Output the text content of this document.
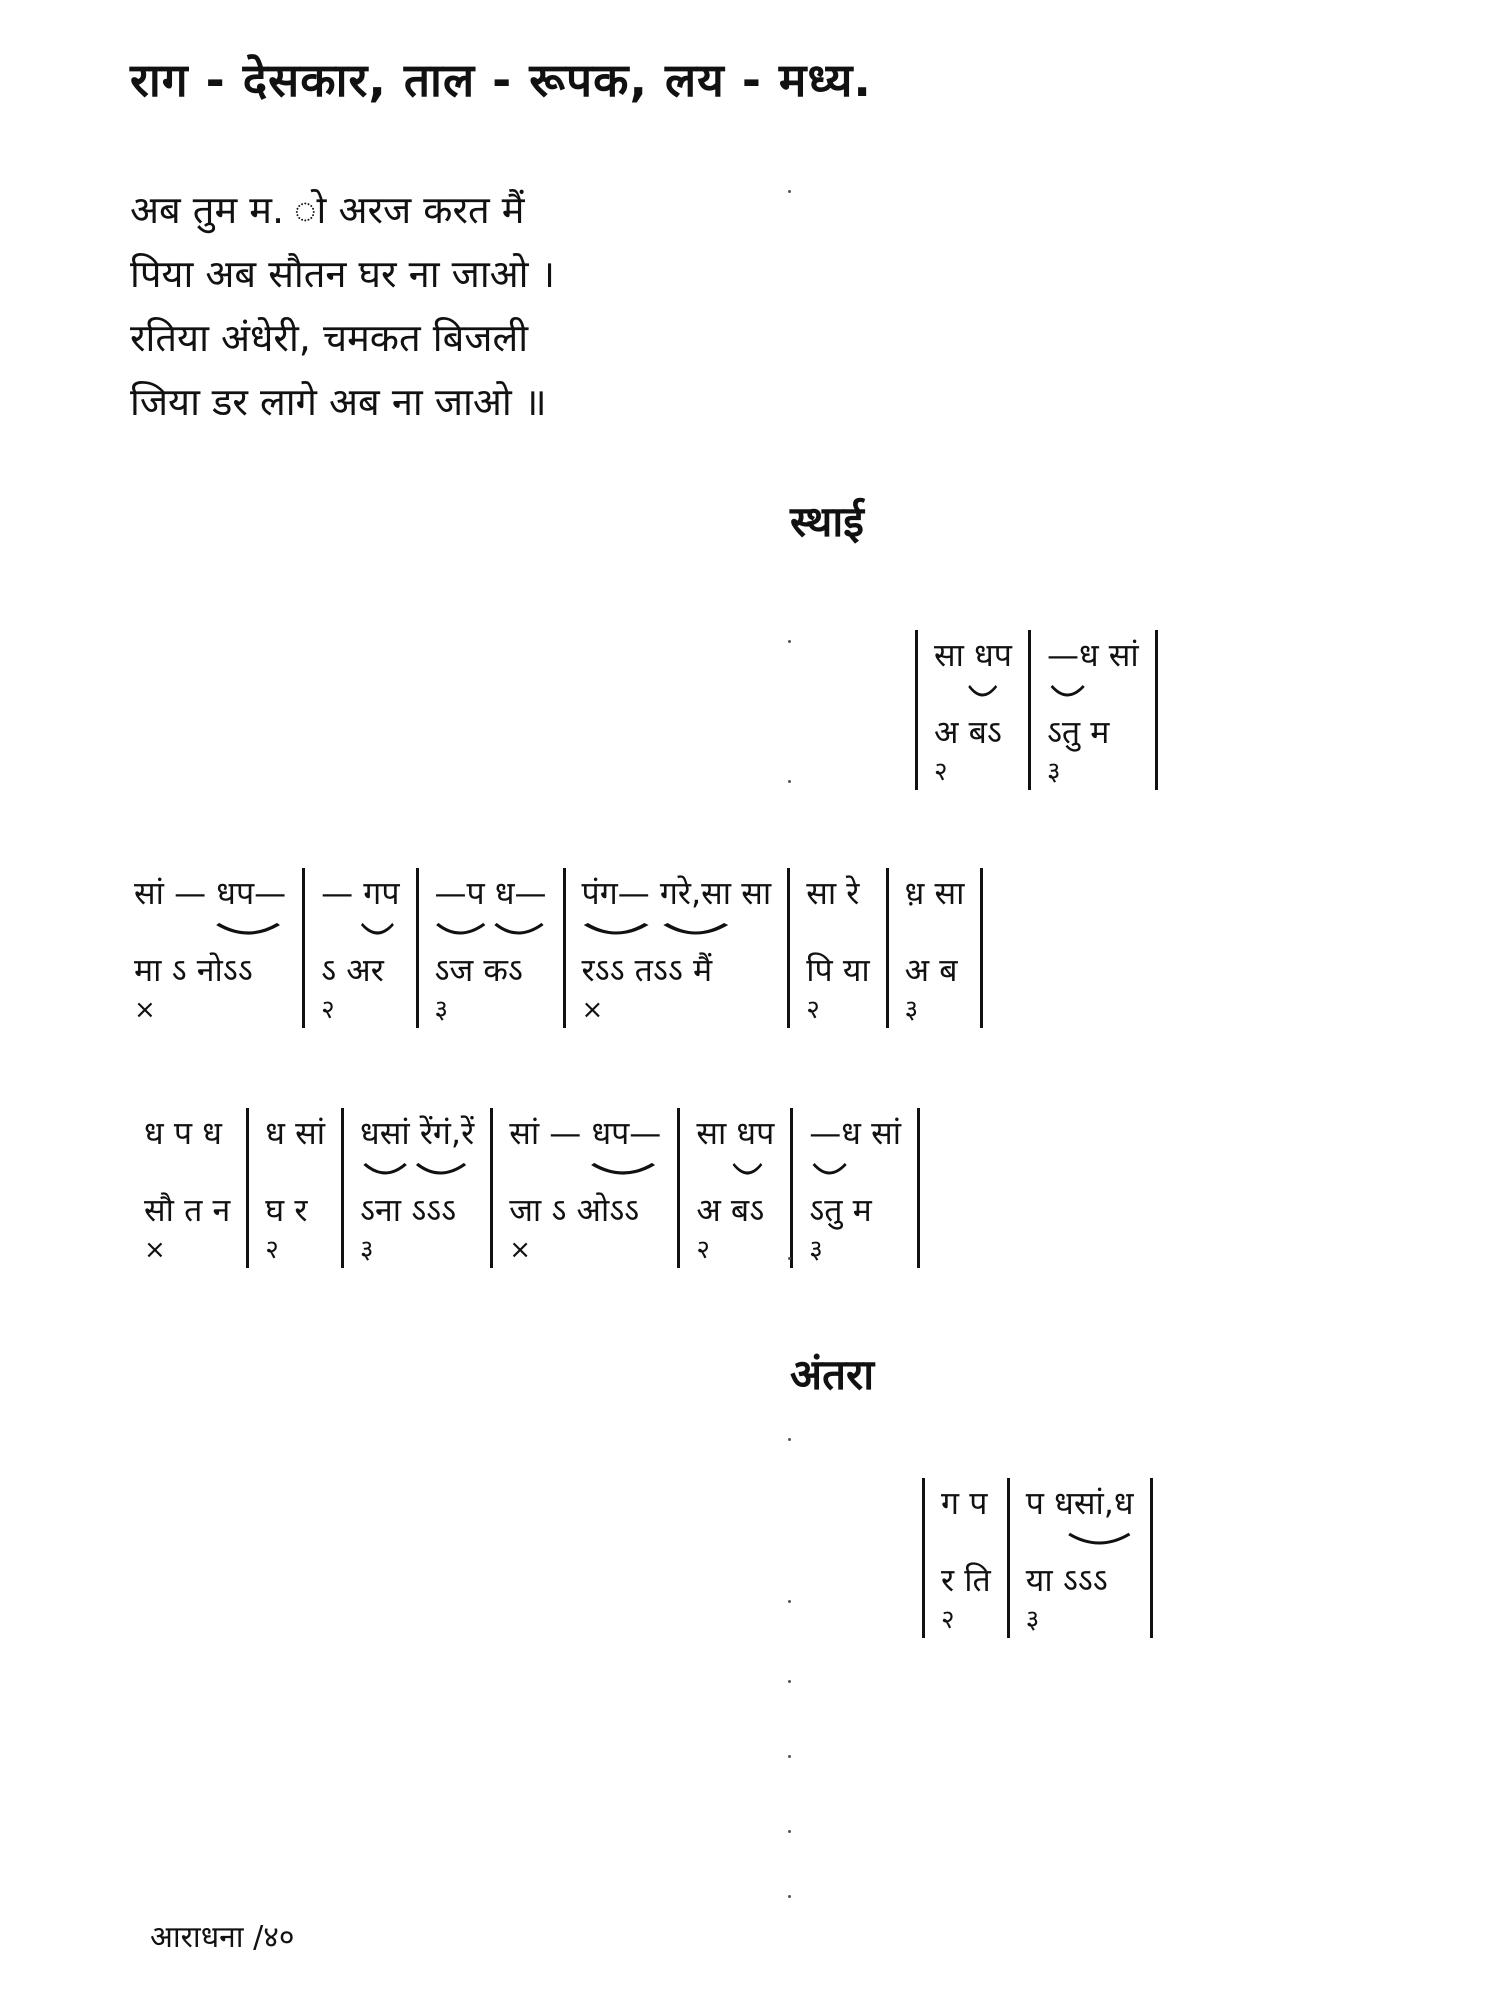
राग - देसकार, ताल - रूपक, लय - मध्य.
अब तुम म. ाे अरज करत मैं
पिया अब सौतन घर ना जाओ ।
रतिया अंधेरी, चमकत बिजली
जिया डर लागे अब ना जाओ ॥
स्थाई
सा धप
अ बऽ
२
—ध सां
ऽतु म
३
सां — धप—
मा ऽ नोऽऽ
×
— गप
ऽ अर
२
—प ध—
ऽज कऽ
३
पंग— गरे,सा सा
रऽऽ तऽऽ मैं
×
सा रे
पि या
२
ध़ सा
अ ब
३
ध प ध
सौ त न
×
ध सां
घ र
२
धसां रेंगं,रें
ऽना ऽऽऽ
३
सां — धप—
जा ऽ ओऽऽ
×
सा धप
अ बऽ
२
—ध सां
ऽतु म
३
अंतरा
ग प
र ति
२
प धसां,ध
या ऽऽऽ
३
आराधना /४०
